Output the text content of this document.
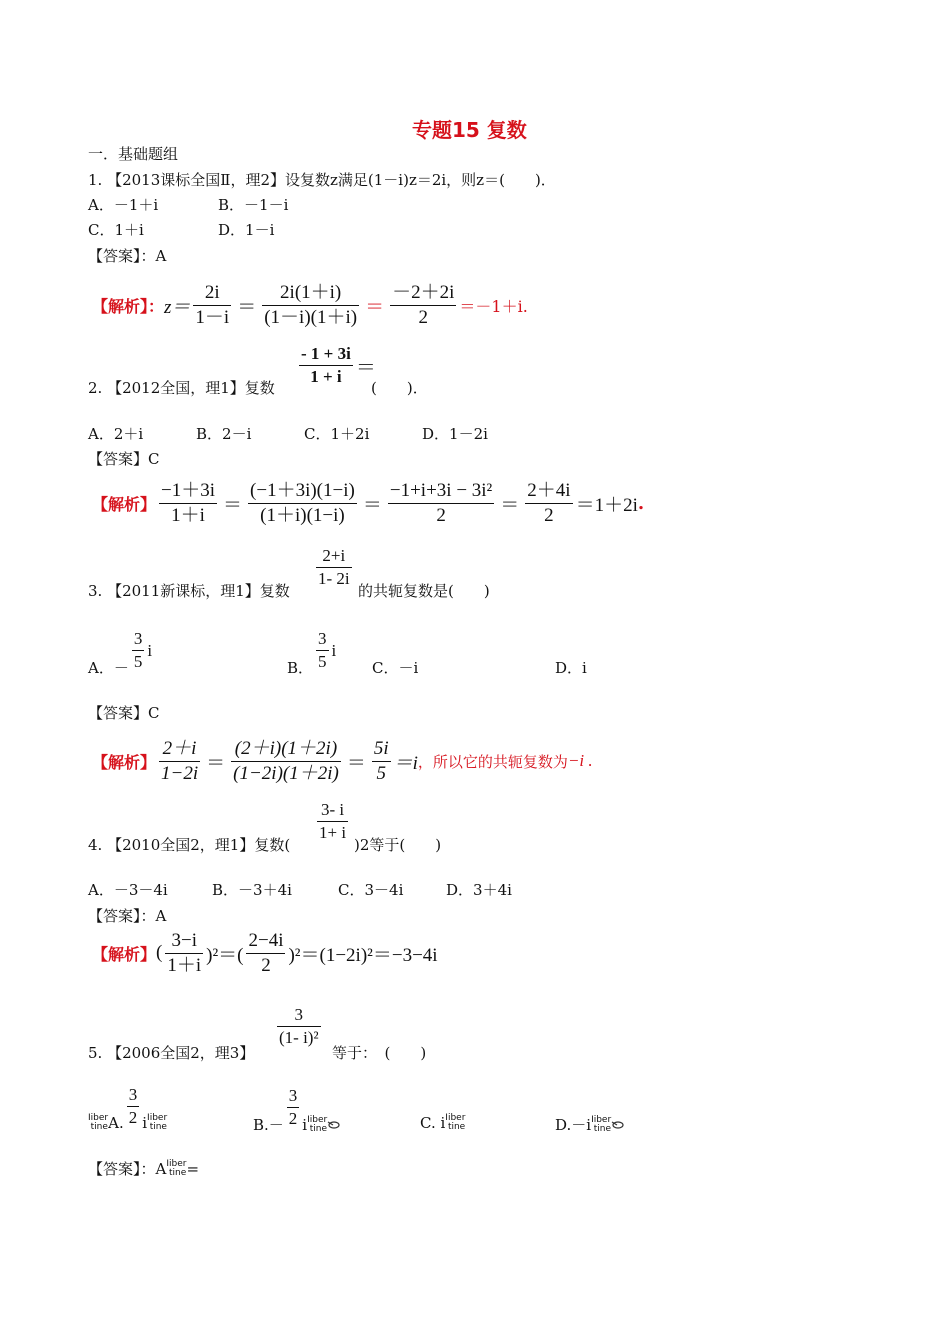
专题15 复数
一．基础题组
1. 【2013课标全国Ⅱ，理2】设复数z满足(1－i)z＝2i，则z＝(　　)．
A．－1＋i	B．－1－i
C．1＋i	D．1－i
【答案】：A
【解析】： $z= \frac{2i}{1-i} = \frac{2i(1+i)}{(1-i)(1+i)} = \frac{-2+2i}{2} =-1+i$.
$\frac{- 1 + 3i}{1 + i}$ ＝
2. 【2012全国，理1】复数	(　　)．
A．2＋i	B．2－i	C．1＋2i	D．1－2i
【答案】C
【解析】 $\frac{-1+3i}{1+i} = \frac{(-1+3i)(1-i)}{(1+i)(1-i)} = \frac{\text{−1+i+3i − 3i²}}{2} = \frac{2+4i}{2} =1+2i$ .
$\frac{2+i}{1- 2i}$
3. 【2011新课标，理1】复数	的共轭复数是(　　)
A．－ $\frac{3}{5}$ i
B． $\frac{3}{5}$ i
C．－i	D．i
【答案】C
【解析】 $\frac{2+i}{1-2i} = \frac{(2+i)(1+2i)}{(1-2i)(1+2i)} = \frac{5i}{5} =i$ ，所以它的共轭复数为 −i .
$\frac{3- i}{1+ i}$
4. 【2010全国2，理1】复数(	)2等于(　　)
A．－3－4i	B．－3＋4i	C．3－4i	D．3＋4i
【答案】：A
【解析】 ( $\frac{3-i}{1+i} )^2=( \frac{2-4i}{2} )^2=(1-2i)^2=-3-4i$
$\frac{3}{\text{(1- i)²}}$
5. 【2006全国2，理3】	等于：　(　　)
I iber
tine A. $\frac{3}{2}$ i I iber
tine	$B.- \frac{3}{2}$ i I iber
tine	C. i I iber
tine	D.－i I iber
tine
【答案】：A I iber
tine =
